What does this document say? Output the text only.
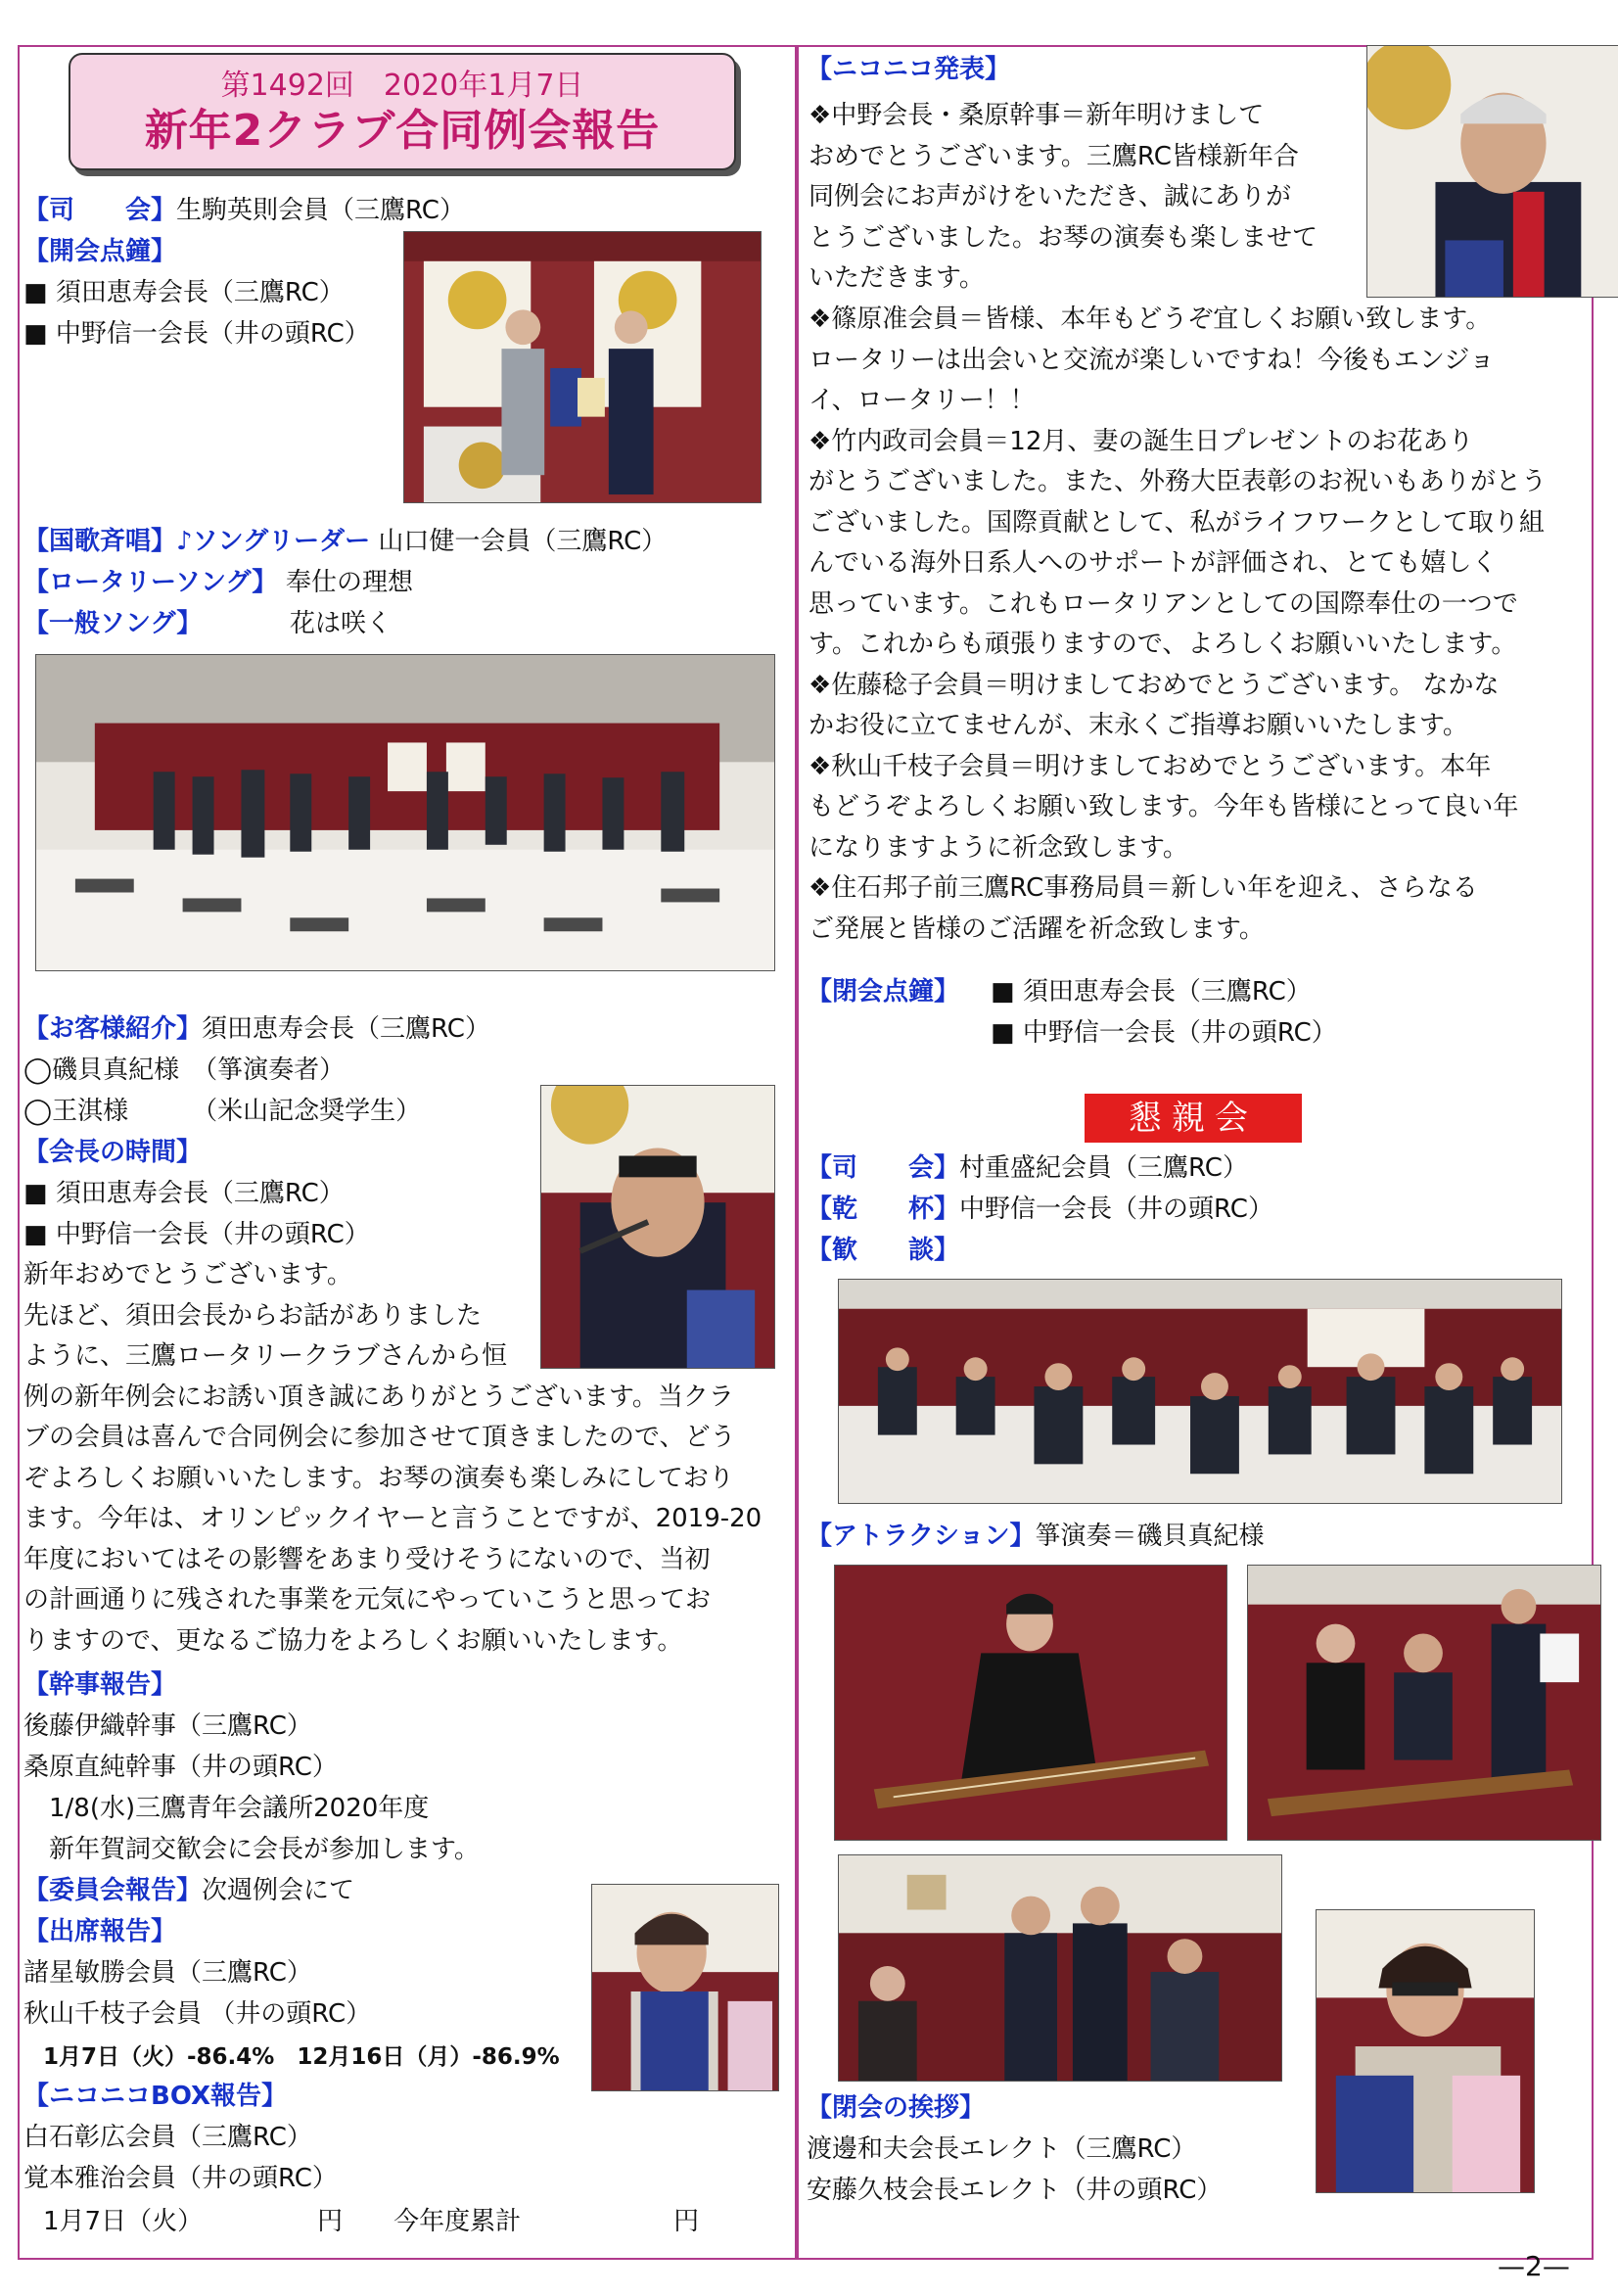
第1492回　2020年1月7日
新年2クラブ合同例会報告
【司　　会】生駒英則会員（三鷹RC）
【開会点鐘】
■ 須田恵寿会長（三鷹RC）
■ 中野信一会長（井の頭RC）
【国歌斉唱】♪ソングリーダー 山口健一会員（三鷹RC）
【ロータリーソング】 奉仕の理想
【一般ソング】	花は咲く
【お客様紹介】須田恵寿会長（三鷹RC）
◯磯貝真紀様　（箏演奏者）
◯王淇様　　　（米山記念奨学生）
【会長の時間】
■ 須田恵寿会長（三鷹RC）
■ 中野信一会長（井の頭RC）
新年おめでとうございます。
先ほど、須田会長からお話がありました
ように、三鷹ロータリークラブさんから恒
例の新年例会にお誘い頂き誠にありがとうございます。当クラ
ブの会員は喜んで合同例会に参加させて頂きましたので、どう
ぞよろしくお願いいたします。お琴の演奏も楽しみにしており
ます。今年は、オリンピックイヤーと言うことですが、2019-20
年度においてはその影響をあまり受けそうにないので、当初
の計画通りに残された事業を元気にやっていこうと思ってお
りますので、更なるご協力をよろしくお願いいたします。
【幹事報告】
後藤伊織幹事（三鷹RC）
桑原直純幹事（井の頭RC）
　1/8(水)三鷹青年会議所2020年度
　新年賀詞交歓会に会長が参加します。
【委員会報告】次週例会にて
【出席報告】
諸星敏勝会員（三鷹RC）
秋山千枝子会員 （井の頭RC）
1月7日（火）-86.4%　12月16日（月）-86.9%
【ニコニコBOX報告】
白石彰広会員（三鷹RC）
覚本雅治会員（井の頭RC）
1月7日（火）　　　　　円　　今年度累計　　　　　　円
【ニコニコ発表】
❖中野会長・桑原幹事＝新年明けまして
おめでとうございます。三鷹RC皆様新年合
同例会にお声がけをいただき、誠にありが
とうございました。お琴の演奏も楽しませて
いただきます。
❖篠原准会員＝皆様、本年もどうぞ宜しくお願い致します。
ロータリーは出会いと交流が楽しいですね！今後もエンジョ
イ、ロータリー！！
❖竹内政司会員＝12月、妻の誕生日プレゼントのお花あり
がとうございました。また、外務大臣表彰のお祝いもありがとう
ございました。国際貢献として、私がライフワークとして取り組
んでいる海外日系人へのサポートが評価され、とても嬉しく
思っています。これもロータリアンとしての国際奉仕の一つで
す。これからも頑張りますので、よろしくお願いいたします。
❖佐藤稔子会員＝明けましておめでとうございます。 なかな
かお役に立てませんが、末永くご指導お願いいたします。
❖秋山千枝子会員＝明けましておめでとうございます。本年
もどうぞよろしくお願い致します。今年も皆様にとって良い年
になりますように祈念致します。
❖住石邦子前三鷹RC事務局員＝新しい年を迎え、さらなる
ご発展と皆様のご活躍を祈念致します。
【閉会点鐘】 ■ 須田恵寿会長（三鷹RC）
■ 中野信一会長（井の頭RC）
懇親会
【司　　会】村重盛紀会員（三鷹RC）
【乾　　杯】中野信一会長（井の頭RC）
【歓　　談】
【アトラクション】箏演奏＝磯貝真紀様
【閉会の挨拶】
渡邊和夫会長エレクト（三鷹RC）
安藤久枝会長エレクト（井の頭RC）
—2—
